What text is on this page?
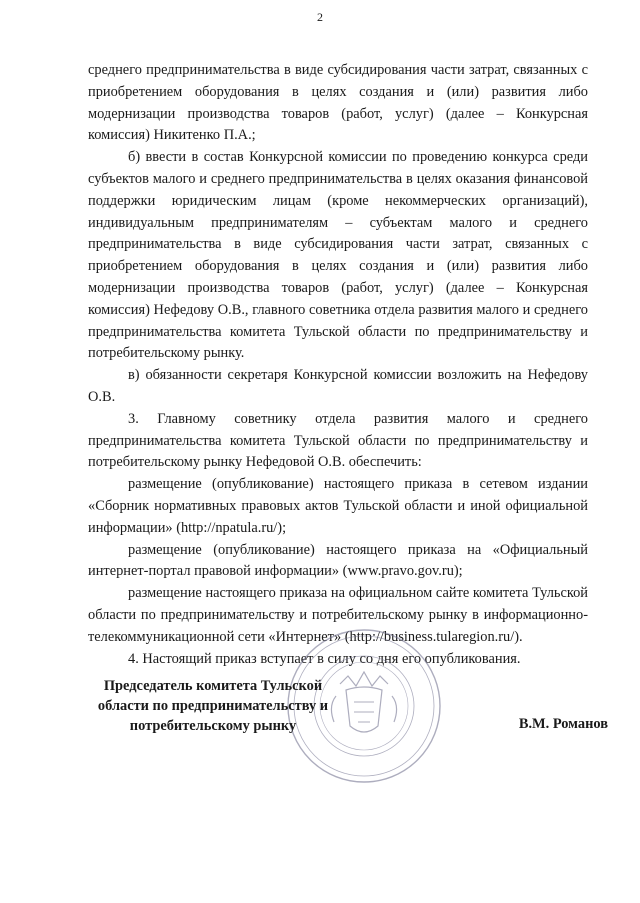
2

среднего предпринимательства в виде субсидирования части затрат, связанных с приобретением оборудования в целях создания и (или) развития либо модернизации производства товаров (работ, услуг) (далее – Конкурсная комиссия) Никитенко П.А.;

б) ввести в состав Конкурсной комиссии по проведению конкурса среди субъектов малого и среднего предпринимательства в целях оказания финансовой поддержки юридическим лицам (кроме некоммерческих организаций), индивидуальным предпринимателям – субъектам малого и среднего предпринимательства в виде субсидирования части затрат, связанных с приобретением оборудования в целях создания и (или) развития либо модернизации производства товаров (работ, услуг) (далее – Конкурсная комиссия) Нефедову О.В., главного советника отдела развития малого и среднего предпринимательства комитета Тульской области по предпринимательству и потребительскому рынку.

в) обязанности секретаря Конкурсной комиссии возложить на Нефедову О.В.

3. Главному советнику отдела развития малого и среднего предпринимательства комитета Тульской области по предпринимательству и потребительскому рынку Нефедовой О.В. обеспечить:

размещение (опубликование) настоящего приказа в сетевом издании «Сборник нормативных правовых актов Тульской области и иной официальной информации» (http://npatula.ru/);

размещение (опубликование) настоящего приказа на «Официальный интернет-портал правовой информации» (www.pravo.gov.ru);

размещение настоящего приказа на официальном сайте комитета Тульской области по предпринимательству и потребительскому рынку в информационно-телекоммуникационной сети «Интернет» (http://business.tularegion.ru/).

4. Настоящий приказ вступает в силу со дня его опубликования.

Председатель комитета Тульской
области по предпринимательству и
потребительскому рынку	В.М. Романов
